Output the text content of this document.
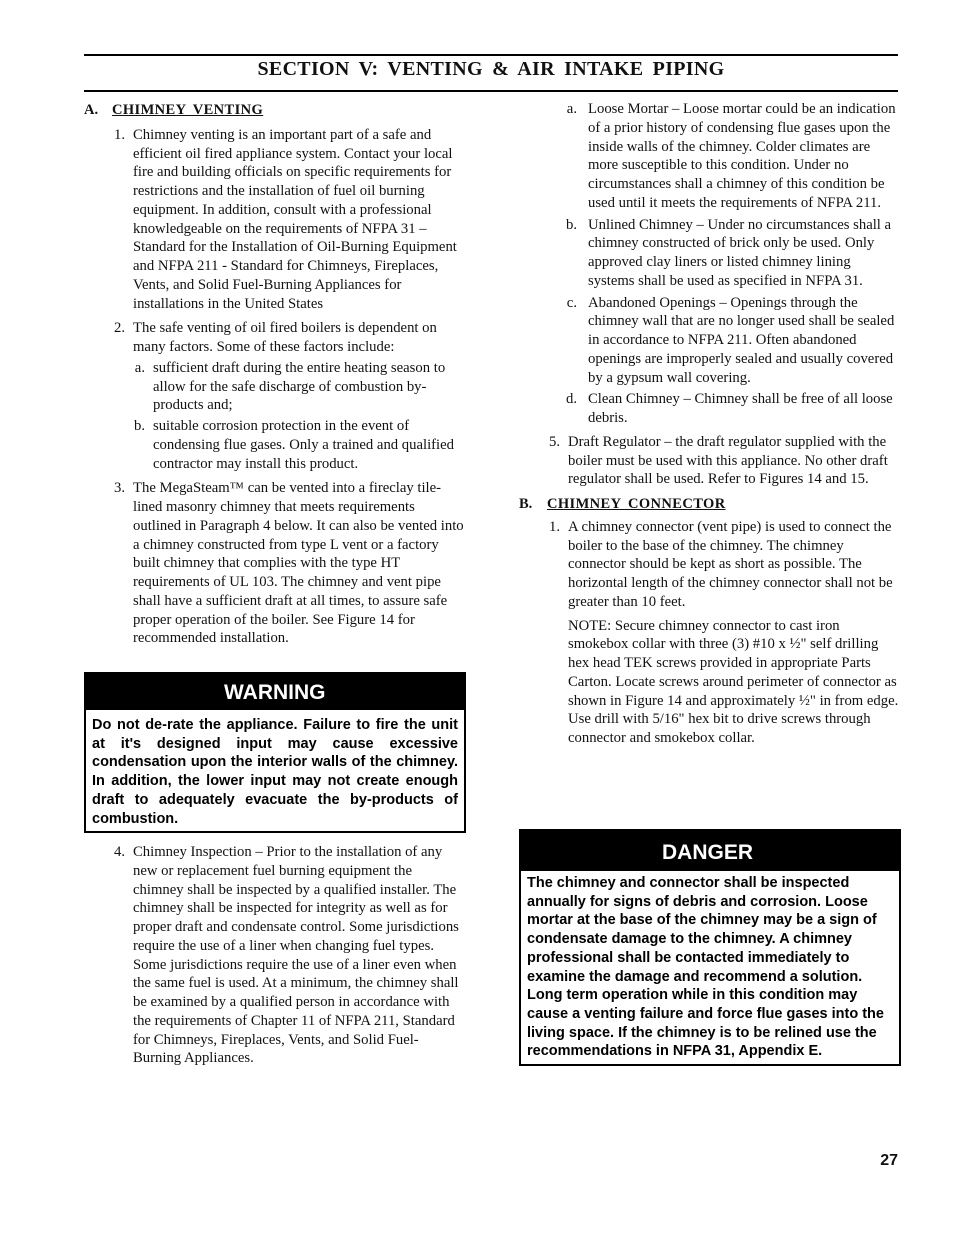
SECTION V: VENTING & AIR INTAKE PIPING
A. CHIMNEY VENTING
1. Chimney venting is an important part of a safe and efficient oil fired appliance system. Contact your local fire and building officials on specific requirements for restrictions and the installation of fuel oil burning equipment. In addition, consult with a professional knowledgeable on the requirements of NFPA 31 – Standard for the Installation of Oil-Burning Equipment and NFPA 211 - Standard for Chimneys, Fireplaces, Vents, and Solid Fuel-Burning Appliances for installations in the United States

2. The safe venting of oil fired boilers is dependent on many factors. Some of these factors include:

a. sufficient draft during the entire heating season to allow for the safe discharge of combustion by-products and;

b. suitable corrosion protection in the event of condensing flue gases. Only a trained and qualified contractor may install this product.

3. The MegaSteam™ can be vented into a fireclay tile-lined masonry chimney that meets requirements outlined in Paragraph 4 below. It can also be vented into a chimney constructed from type L vent or a factory built chimney that complies with the type HT requirements of UL 103. The chimney and vent pipe shall have a sufficient draft at all times, to assure safe proper operation of the boiler. See Figure 14 for recommended installation.

WARNING
Do not de-rate the appliance. Failure to fire the unit at it's designed input may cause excessive condensation upon the interior walls of the chimney. In addition, the lower input may not create enough draft to adequately evacuate the by-products of combustion.
4. Chimney Inspection – Prior to the installation of any new or replacement fuel burning equipment the chimney shall be inspected by a qualified installer. The chimney shall be inspected for integrity as well as for proper draft and condensate control. Some jurisdictions require the use of a liner when changing fuel types. Some jurisdictions require the use of a liner even when the same fuel is used. At a minimum, the chimney shall be examined by a qualified person in accordance with the requirements of Chapter 11 of NFPA 211, Standard for Chimneys, Fireplaces, Vents, and Solid Fuel-Burning Appliances.

a. Loose Mortar – Loose mortar could be an indication of a prior history of condensing flue gases upon the inside walls of the chimney. Colder climates are more susceptible to this condition. Under no circumstances shall a chimney of this condition be used until it meets the requirements of NFPA 211.

b. Unlined Chimney – Under no circumstances shall a chimney constructed of brick only be used. Only approved clay liners or listed chimney lining systems shall be used as specified in NFPA 31.

c. Abandoned Openings – Openings through the chimney wall that are no longer used shall be sealed in accordance to NFPA 211. Often abandoned openings are improperly sealed and usually covered by a gypsum wall covering.

d. Clean Chimney – Chimney shall be free of all loose debris.

5. Draft Regulator – the draft regulator supplied with the boiler must be used with this appliance. No other draft regulator shall be used. Refer to Figures 14 and 15.

B.	CHIMNEY CONNECTOR
1. A chimney connector (vent pipe) is used to connect the boiler to the base of the chimney. The chimney connector should be kept as short as possible. The horizontal length of the chimney connector shall not be greater than 10 feet.

NOTE: Secure chimney connector to cast iron smokebox collar with three (3) #10 x ½" self drilling hex head TEK screws provided in appropriate Parts Carton. Locate screws around perimeter of connector as shown in Figure 14 and approximately ½" in from edge. Use drill with 5/16" hex bit to drive screws through connector and smokebox collar.

DANGER
The chimney and connector shall be inspected annually for signs of debris and corrosion. Loose mortar at the base of the chimney may be a sign of condensate damage to the chimney. A chimney professional shall be contacted immediately to examine the damage and recommend a solution. Long term operation while in this condition may cause a venting failure and force flue gases into the living space. If the chimney is to be relined use the recommendations in NFPA 31, Appendix E.
27
